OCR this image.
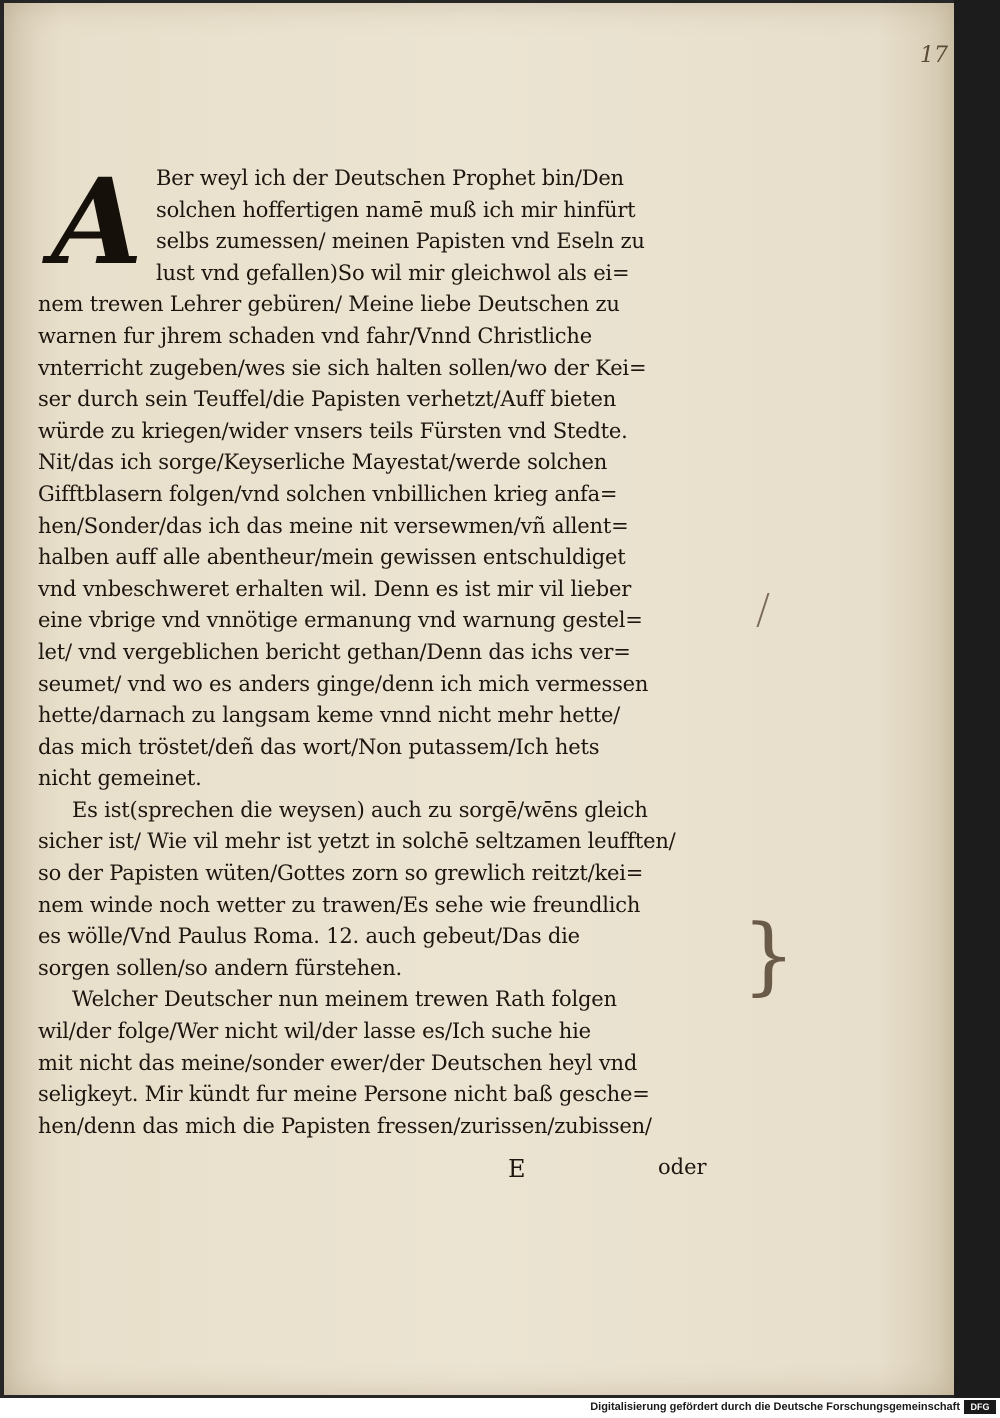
17
A Ber weyl ich der Deutschen Prophet bin/Den
solchen hoffertigen namē muß ich mir hinfürt
selbs zumessen/ meinen Papisten vnd Eseln zu
lust vnd gefallen)So wil mir gleichwol als ei=
nem trewen Lehrer gebüren/ Meine liebe Deutschen zu
warnen fur jhrem schaden vnd fahr/Vnnd Christliche
vnterricht zugeben/wes sie sich halten sollen/wo der Kei=
ser durch sein Teuffel/die Papisten verhetzt/Auff bieten
würde zu kriegen/wider vnsers teils Fürsten vnd Stedte.
Nit/das ich sorge/Keyserliche Mayestat/werde solchen
Gifftblasern folgen/vnd solchen vnbillichen krieg anfa=
hen/Sonder/das ich das meine nit versewmen/vñ allent=
halben auff alle abentheur/mein gewissen entschuldiget
vnd vnbeschweret erhalten wil. Denn es ist mir vil lieber
eine vbrige vnd vnnötige ermanung vnd warnung gestel=
let/ vnd vergeblichen bericht gethan/Denn das ichs ver=
seumet/ vnd wo es anders ginge/denn ich mich vermessen
hette/darnach zu langsam keme vnnd nicht mehr hette/
das mich tröstet/deñ das wort/Non putassem/Ich hets
nicht gemeinet.
Es ist(sprechen die weysen) auch zu sorgē/wēns gleich
sicher ist/ Wie vil mehr ist yetzt in solchē seltzamen leufften/
so der Papisten wüten/Gottes zorn so grewlich reitzt/kei=
nem winde noch wetter zu trawen/Es sehe wie freundlich
es wölle/Vnd Paulus Roma. 12. auch gebeut/Das die
sorgen sollen/so andern fürstehen.
Welcher Deutscher nun meinem trewen Rath folgen
wil/der folge/Wer nicht wil/der lasse es/Ich suche hie
mit nicht das meine/sonder ewer/der Deutschen heyl vnd
seligkeyt. Mir kündt fur meine Persone nicht baß gesche=
hen/denn das mich die Papisten fressen/zurissen/zubissen/
}
E	oder
Digitalisierung gefördert durch die Deutsche Forschungsgemeinschaft	DFG
